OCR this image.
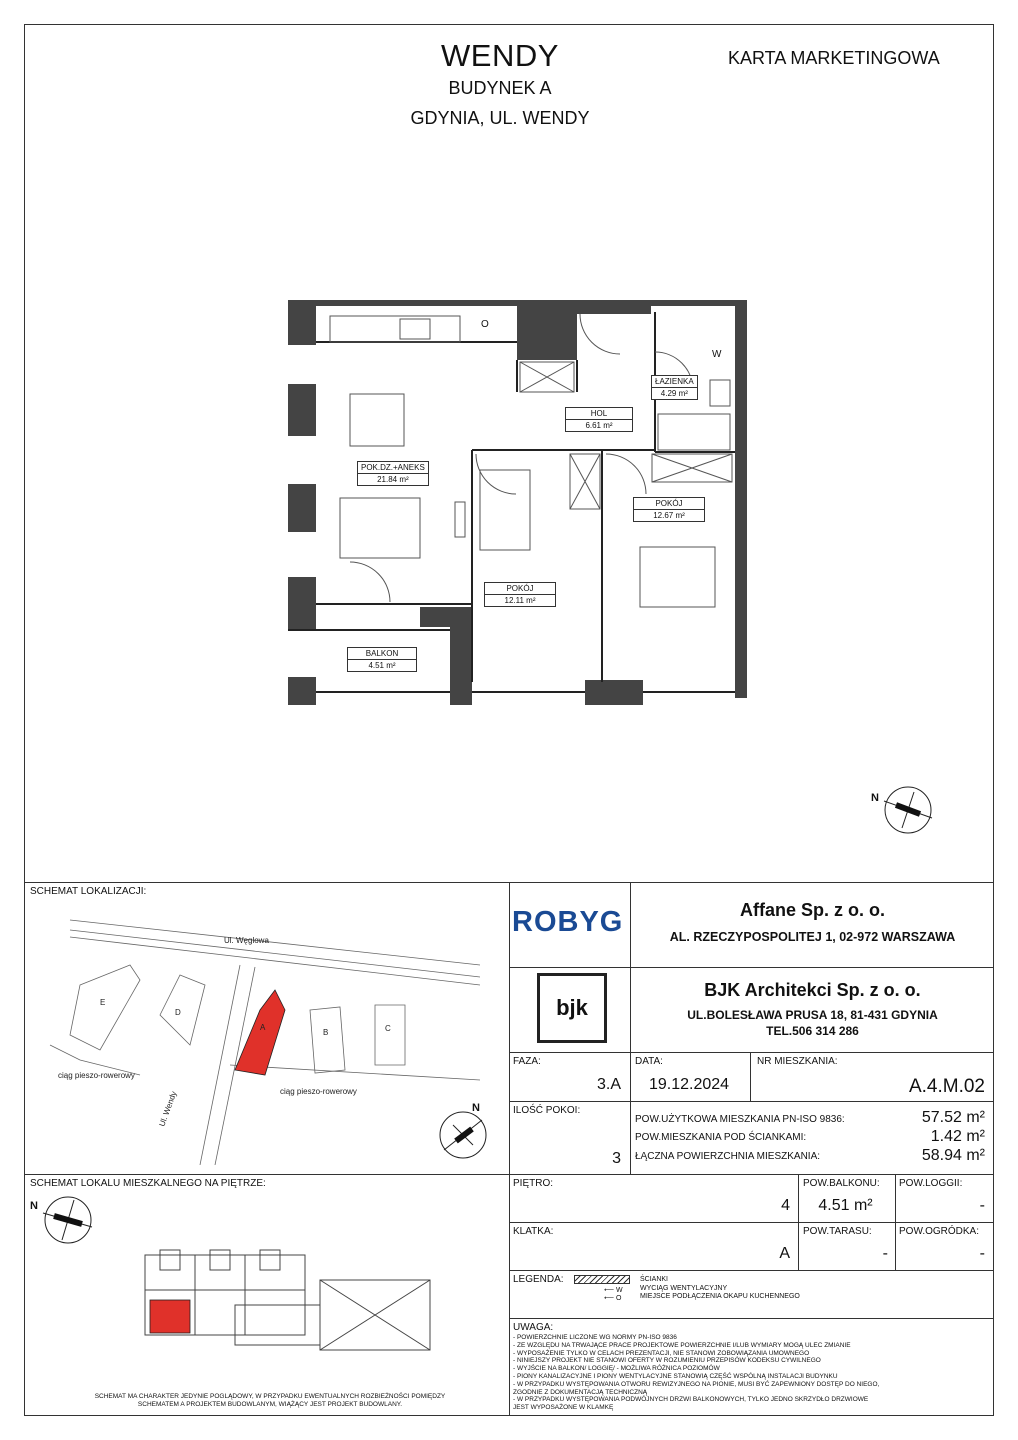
WENDY
BUDYNEK A
GDYNIA, UL. WENDY
KARTA MARKETINGOWA
ŁAZIENKA
4.29 m²
HOL
6.61 m²
POK.DZ.+ANEKS
21.84 m²
POKÓJ
12.67 m²
POKÓJ
12.11 m²
BALKON
4.51 m²
W
O
N
SCHEMAT LOKALIZACJI:
Ul. Węglowa
ciąg pieszo-rowerowy
ciąg pieszo-rowerowy
Ul. Wendy
E
D
A
B	C
N
SCHEMAT LOKALU MIESZKALNEGO NA PIĘTRZE:
N
SCHEMAT MA CHARAKTER JEDYNIE POGLĄDOWY, W PRZYPADKU EWENTUALNYCH ROZBIEŻNOŚCI POMIĘDZY
SCHEMATEM A PROJEKTEM BUDOWLANYM, WIĄŻĄCY JEST PROJEKT BUDOWLANY.
ROBYG	Affane Sp. z o. o.
AL. RZECZYPOSPOLITEJ 1, 02-972 WARSZAWA
bjk
BJK Architekci Sp. z o. o.
UL.BOLESŁAWA PRUSA 18, 81-431 GDYNIA
TEL.506 314 286
FAZA:
3.A
DATA:
19.12.2024
NR MIESZKANIA:
A.4.M.02
ILOŚĆ POKOI:
3
POW.UŻYTKOWA MIESZKANIA PN-ISO 9836:	57.52 m²
POW.MIESZKANIA POD ŚCIANKAMI:	1.42 m²
ŁĄCZNA POWIERZCHNIA MIESZKANIA:	58.94 m²
PIĘTRO:
4
POW.BALKONU:
4.51 m²
POW.LOGGII:
-
KLATKA:
A
POW.TARASU:
-
POW.OGRÓDKA:
-
LEGENDA:
⟵ W
⟵ O
ŚCIANKI
WYCIĄG WENTYLACYJNY
MIEJSCE PODŁĄCZENIA OKAPU KUCHENNEGO
UWAGA:
- POWIERZCHNIE LICZONE WG NORMY PN-ISO 9836
- ZE WZGLĘDU NA TRWAJĄCE PRACE PROJEKTOWE POWIERZCHNIE I/LUB WYMIARY MOGĄ ULEC ZMIANIE
- WYPOSAŻENIE TYLKO W CELACH PREZENTACJI, NIE STANOWI ZOBOWIĄZANIA UMOWNEGO
- NINIEJSZY PROJEKT NIE STANOWI OFERTY W ROZUMIENIU PRZEPISÓW KODEKSU CYWILNEGO
- WYJŚCIE NA BALKON/ LOGGIĘ/ - MOŻLIWA RÓŻNICA POZIOMÓW
- PIONY KANALIZACYJNE I PIONY WENTYLACYJNE STANOWIĄ CZĘŚĆ WSPÓLNĄ INSTALACJI BUDYNKU
- W PRZYPADKU WYSTĘPOWANIA OTWORU REWIZYJNEGO NA PIONIE, MUSI BYĆ ZAPEWNIONY DOSTĘP DO NIEGO,
ZGODNIE Z DOKUMENTACJĄ TECHNICZNĄ
- W PRZYPADKU WYSTĘPOWANIA PODWÓJNYCH DRZWI BALKONOWYCH, TYLKO JEDNO SKRZYDŁO DRZWIOWE
JEST WYPOSAŻONE W KLAMKĘ
